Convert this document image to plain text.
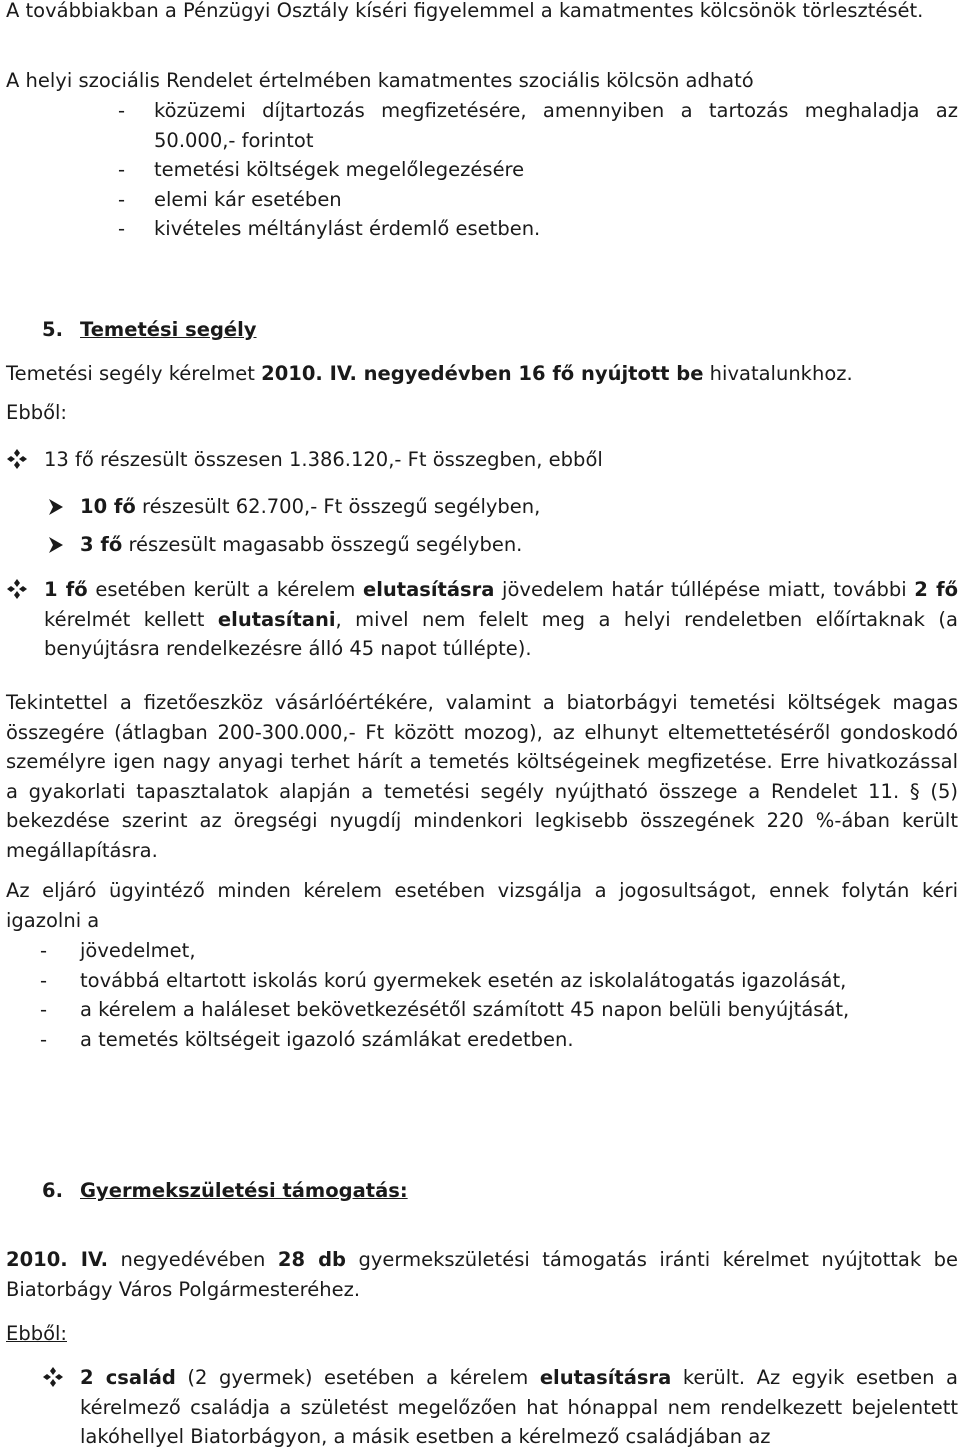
A továbbiakban a Pénzügyi Osztály kíséri figyelemmel a kamatmentes kölcsönök törlesztését.
A helyi szociális Rendelet értelmében kamatmentes szociális kölcsön adható
- közüzemi díjtartozás megfizetésére, amennyiben a tartozás meghaladja az 50.000,- forintot
- temetési költségek megelőlegezésére
- elemi kár esetében
- kivételes méltánylást érdemlő esetben.
5. Temetési segély
Temetési segély kérelmet 2010. IV. negyedévben 16 fő nyújtott be hivatalunkhoz.
Ebből:
13 fő részesült összesen 1.386.120,- Ft összegben, ebből
10 fő részesült 62.700,- Ft összegű segélyben,
3 fő részesült magasabb összegű segélyben.
1 fő esetében került a kérelem elutasításra jövedelem határ túllépése miatt, további 2 fő kérelmét kellett elutasítani, mivel nem felelt meg a helyi rendeletben előírtaknak (a benyújtásra rendelkezésre álló 45 napot túllépte).
Tekintettel a fizetőeszköz vásárlóértékére, valamint a biatorbágyi temetési költségek magas összegére (átlagban 200-300.000,- Ft között mozog), az elhunyt eltemettetéséről gondoskodó személyre igen nagy anyagi terhet hárít a temetés költségeinek megfizetése. Erre hivatkozással a gyakorlati tapasztalatok alapján a temetési segély nyújtható összege a Rendelet 11. § (5) bekezdése szerint az öregségi nyugdíj mindenkori legkisebb összegének 220 %-ában került megállapításra.
Az eljáró ügyintéző minden kérelem esetében vizsgálja a jogosultságot, ennek folytán kéri igazolni a
- jövedelmet,
- továbbá eltartott iskolás korú gyermekek esetén az iskolalátogatás igazolását,
- a kérelem a haláleset bekövetkezésétől számított 45 napon belüli benyújtását,
- a temetés költségeit igazoló számlákat eredetben.
6. Gyermekszületési támogatás:
2010. IV. negyedévében 28 db gyermekszületési támogatás iránti kérelmet nyújtottak be Biatorbágy Város Polgármesteréhez.
Ebből:
2 család (2 gyermek) esetében a kérelem elutasításra került. Az egyik esetben a kérelmező családja a születést megelőzően hat hónappal nem rendelkezett bejelentett lakóhellyel Biatorbágyon, a másik esetben a kérelmező családjában az
